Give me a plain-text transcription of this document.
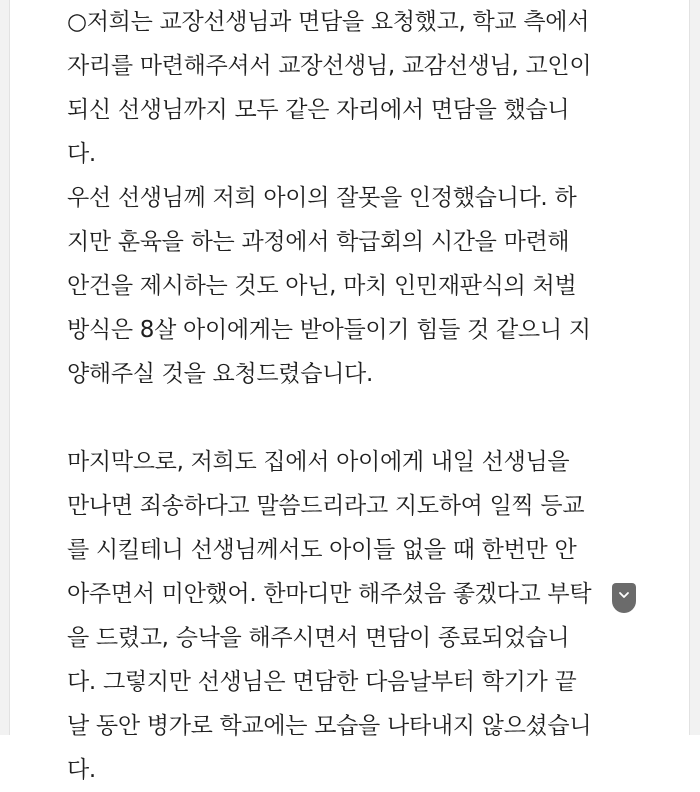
○저희는 교장선생님과 면담을 요청했고, 학교 측에서
자리를 마련해주셔서 교장선생님, 교감선생님, 고인이
되신 선생님까지 모두 같은 자리에서 면담을 했습니
다.
우선 선생님께 저희 아이의 잘못을 인정했습니다. 하
지만 훈육을 하는 과정에서 학급회의 시간을 마련해
안건을 제시하는 것도 아닌, 마치 인민재판식의 처벌
방식은 8살 아이에게는 받아들이기 힘들 것 같으니 지
양해주실 것을 요청드렸습니다.
마지막으로, 저희도 집에서 아이에게 내일 선생님을
만나면 죄송하다고 말씀드리라고 지도하여 일찍 등교
를 시킬테니 선생님께서도 아이들 없을 때 한번만 안
아주면서 미안했어. 한마디만 해주셨음 좋겠다고 부탁
을 드렸고, 승낙을 해주시면서 면담이 종료되었습니
다. 그렇지만 선생님은 면담한 다음날부터 학기가 끝
날 동안 병가로 학교에는 모습을 나타내지 않으셨습니
다.
